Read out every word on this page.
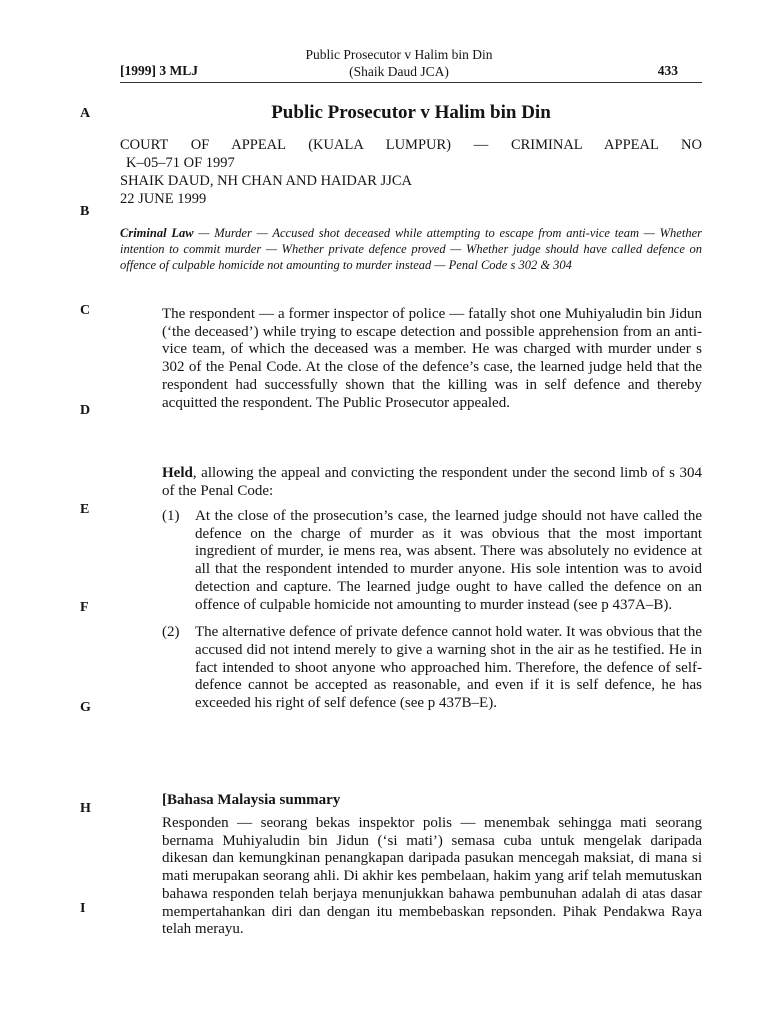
[1999] 3 MLJ
Public Prosecutor v Halim bin Din
(Shaik Daud JCA)	433
A
B
C
D
E
F
G
H
I
Public Prosecutor v Halim bin Din
COURT OF APPEAL (KUALA LUMPUR) — CRIMINAL APPEAL NO
K–05–71 OF 1997
SHAIK DAUD, NH CHAN AND HAIDAR JJCA
22 JUNE 1999
Criminal Law — Murder — Accused shot deceased while attempting to escape from anti-vice team — Whether intention to commit murder — Whether private defence proved — Whether judge should have called defence on offence of culpable homicide not amounting to murder instead — Penal Code s 302 & 304
The respondent — a former inspector of police — fatally shot one Muhiyaludin bin Jidun (‘the deceased’) while trying to escape detection and possible apprehension from an anti-vice team, of which the deceased was a member. He was charged with murder under s 302 of the Penal Code. At the close of the defence’s case, the learned judge held that the respondent had successfully shown that the killing was in self defence and thereby acquitted the respondent. The Public Prosecutor appealed.
Held, allowing the appeal and convicting the respondent under the second limb of s 304 of the Penal Code:
(1)	At the close of the prosecution’s case, the learned judge should not have called the defence on the charge of murder as it was obvious that the most important ingredient of murder, ie mens rea, was absent. There was absolutely no evidence at all that the respondent intended to murder anyone. His sole intention was to avoid detection and capture. The learned judge ought to have called the defence on an offence of culpable homicide not amounting to murder instead (see p 437A–B).
(2)	The alternative defence of private defence cannot hold water. It was obvious that the accused did not intend merely to give a warning shot in the air as he testified. He in fact intended to shoot anyone who approached him. Therefore, the defence of self-defence cannot be accepted as reasonable, and even if it is self defence, he has exceeded his right of self defence (see p 437B–E).
[Bahasa Malaysia summary
Responden — seorang bekas inspektor polis — menembak sehingga mati seorang bernama Muhiyaludin bin Jidun (‘si mati’) semasa cuba untuk mengelak daripada dikesan dan kemungkinan penangkapan daripada pasukan mencegah maksiat, di mana si mati merupakan seorang ahli. Di akhir kes pembelaan, hakim yang arif telah memutuskan bahawa responden telah berjaya menunjukkan bahawa pembunuhan adalah di atas dasar mempertahankan diri dan dengan itu membebaskan repsonden. Pihak Pendakwa Raya telah merayu.
